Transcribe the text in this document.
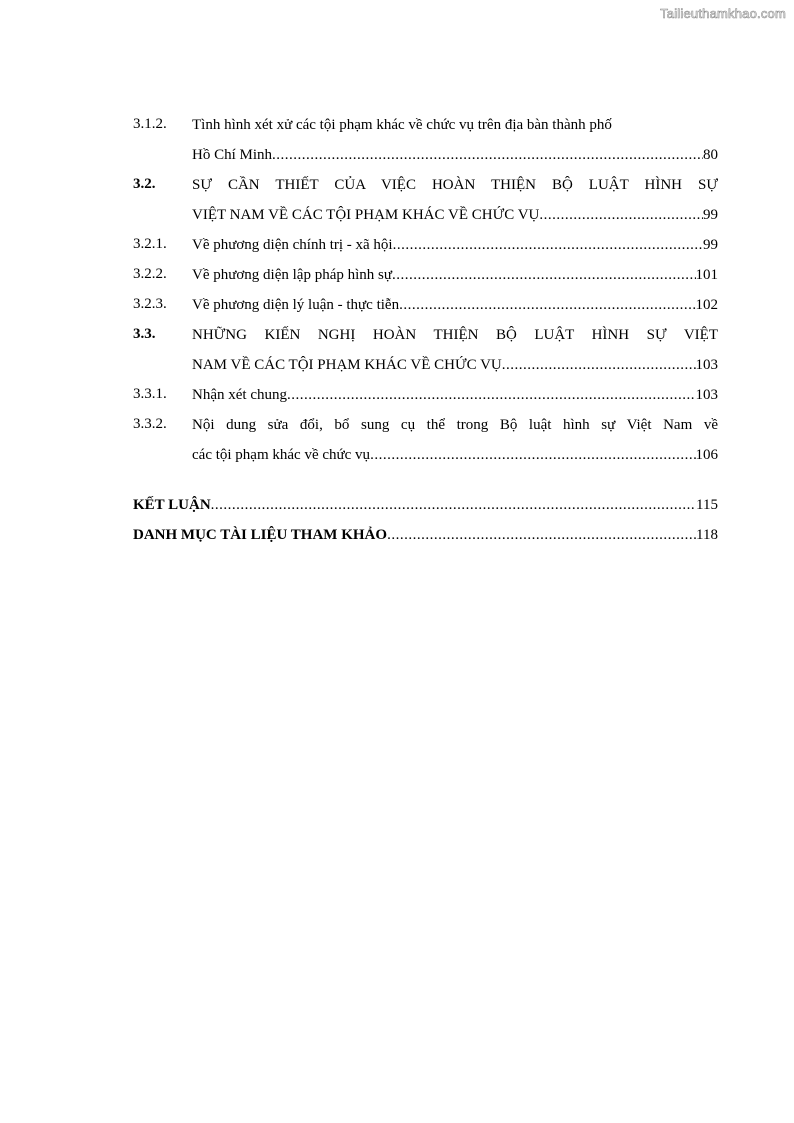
Tailieuthamkhao.com
3.1.2. Tình hình xét xử các tội phạm khác về chức vụ trên địa bàn thành phố
Hồ Chí Minh .....	80
3.2. SỰ CẦN THIẾT CỦA VIỆC HOÀN THIỆN BỘ LUẬT HÌNH SỰ
VIỆT NAM VỀ CÁC TỘI PHẠM KHÁC VỀ CHỨC VỤ .....	99
3.2.1. Về phương diện chính trị - xã hội .....	99
3.2.2. Về phương diện lập pháp hình sự .....	101
3.2.3. Về phương diện lý luận - thực tiễn .....	102
3.3. NHỮNG KIẾN NGHỊ HOÀN THIỆN BỘ LUẬT HÌNH SỰ VIỆT
NAM VỀ CÁC TỘI PHẠM KHÁC VỀ CHỨC VỤ .....	103
3.3.1. Nhận xét chung .....	103
3.3.2. Nội dung sửa đổi, bổ sung cụ thể trong Bộ luật hình sự Việt Nam về
các tội phạm khác về chức vụ .....	106
KẾT LUẬN .....	115
DANH MỤC TÀI LIỆU THAM KHẢO .....	118
